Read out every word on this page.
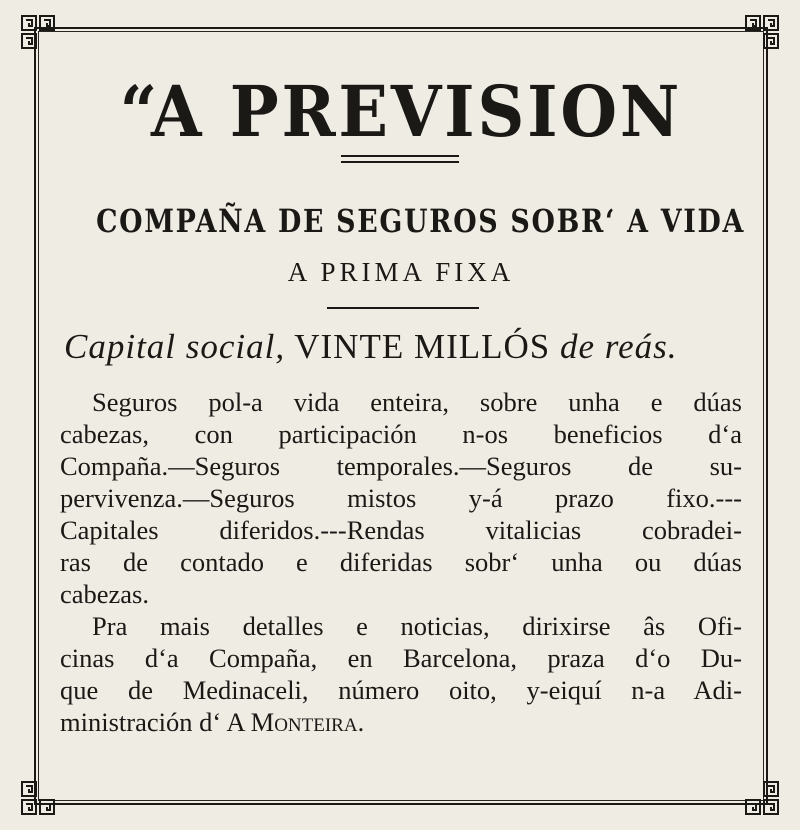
“A PREVISION
COMPAÑA DE SEGUROS SOBR‘ A VIDA
A PRIMA FIXA
Capital social, VINTE MILLÓS de reás.

Seguros pol-a vida enteira, sobre unha e dúas
cabezas, con participación n-os beneficios d‘a
Compaña.—Seguros temporales.—Seguros de su-
pervivenza.—Seguros mistos y-á prazo fixo.---
Capitales diferidos.---Rendas vitalicias cobradei-
ras de contado e diferidas sobr‘ unha ou dúas
cabezas.

Pra mais detalles e noticias, dirixirse âs Ofi-
cinas d‘a Compaña, en Barcelona, praza d‘o Du-
que de Medinaceli, número oito, y-eiquí n-a Adi-
ministración d‘ A Monteira.
